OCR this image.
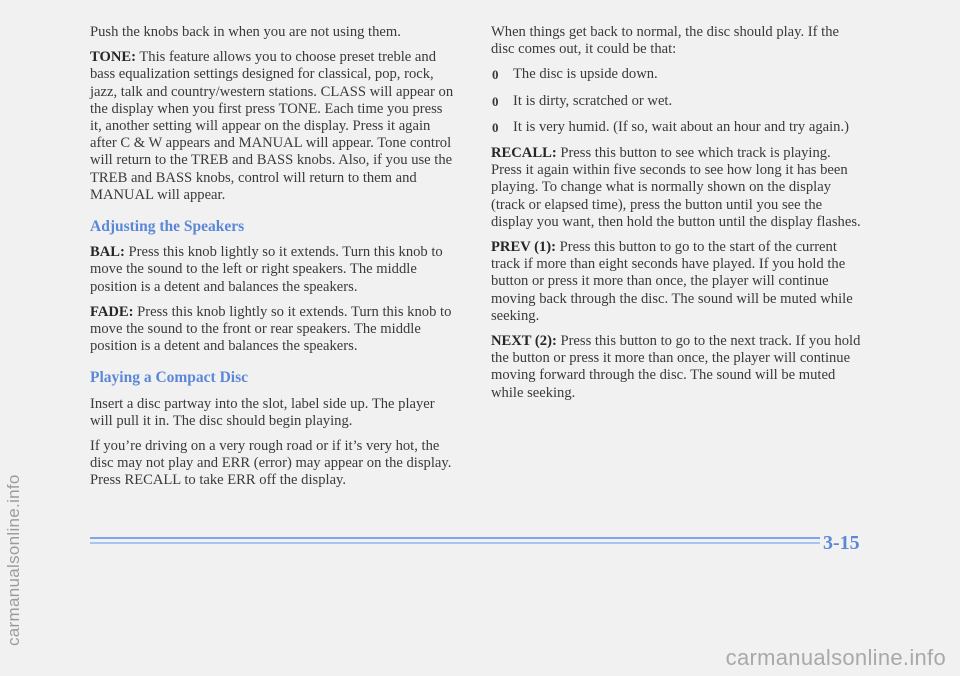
Push the knobs back in when you are not using them.

TONE: This feature allows you to choose preset treble and bass equalization settings designed for classical, pop, rock, jazz, talk and country/western stations. CLASS will appear on the display when you first press TONE. Each time you press it, another setting will appear on the display. Press it again after C & W appears and MANUAL will appear. Tone control will return to the TREB and BASS knobs. Also, if you use the TREB and BASS knobs, control will return to them and MANUAL will appear.

Adjusting the Speakers

BAL: Press this knob lightly so it extends. Turn this knob to move the sound to the left or right speakers. The middle position is a detent and balances the speakers.

FADE: Press this knob lightly so it extends. Turn this knob to move the sound to the front or rear speakers. The middle position is a detent and balances the speakers.

Playing a Compact Disc

Insert a disc partway into the slot, label side up. The player will pull it in. The disc should begin playing.

If you’re driving on a very rough road or if it’s very hot, the disc may not play and ERR (error) may appear on the display. Press RECALL to take ERR off the display.

When things get back to normal, the disc should play. If the disc comes out, it could be that:

0 The disc is upside down.
0 It is dirty, scratched or wet.
0 It is very humid. (If so, wait about an hour and try again.)

RECALL: Press this button to see which track is playing. Press it again within five seconds to see how long it has been playing. To change what is normally shown on the display (track or elapsed time), press the button until you see the display you want, then hold the button until the display flashes.

PREV (1): Press this button to go to the start of the current track if more than eight seconds have played. If you hold the button or press it more than once, the player will continue moving back through the disc. The sound will be muted while seeking.

NEXT (2): Press this button to go to the next track. If you hold the button or press it more than once, the player will continue moving forward through the disc. The sound will be muted while seeking.

3-15
carmanualsonline.info
carmanualsonline.info
